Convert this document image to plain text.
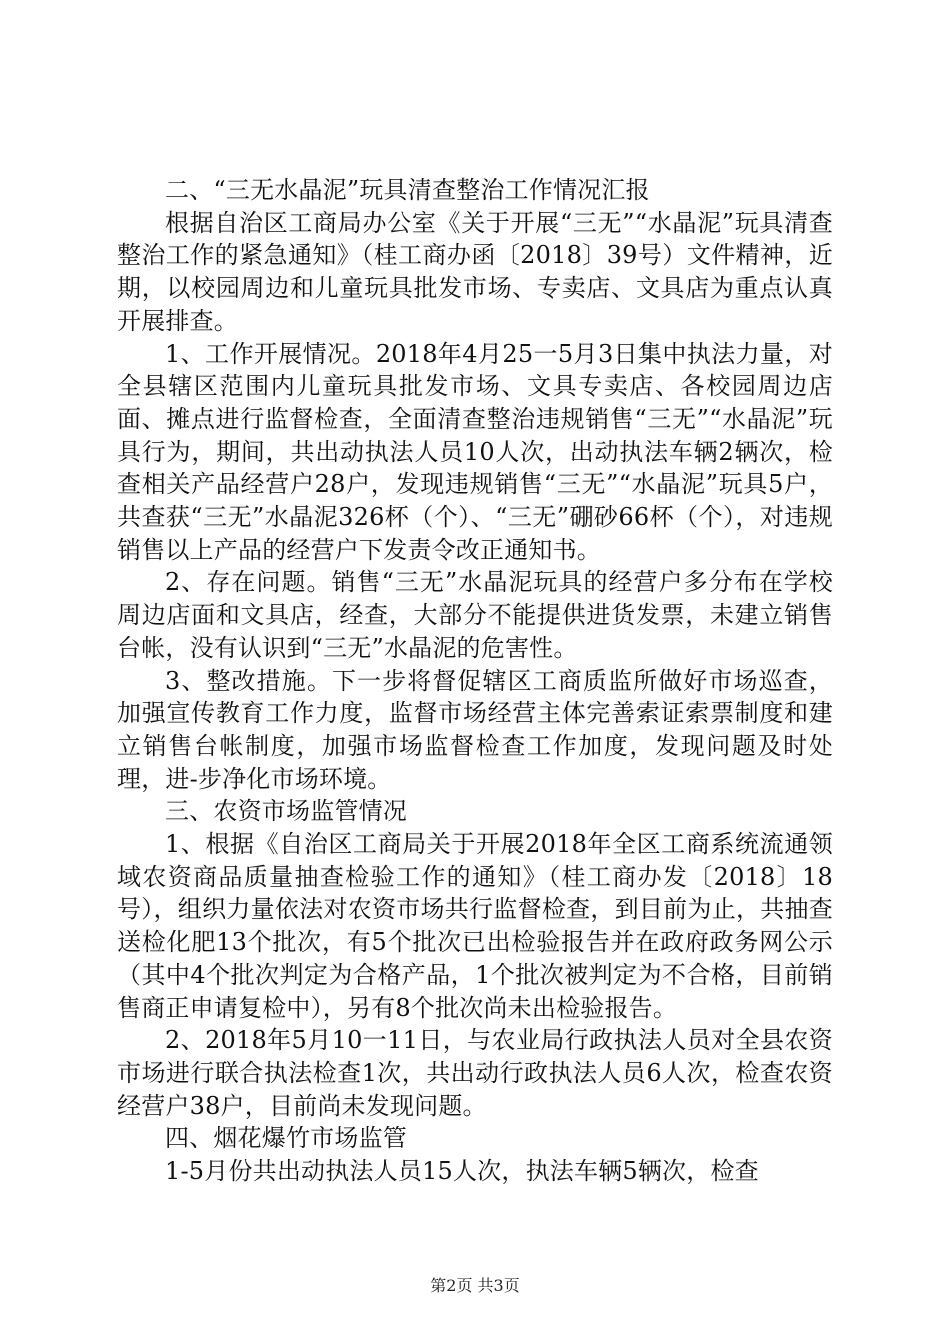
二、“三无水晶泥”玩具清查整治工作情况汇报

根据自治区工商局办公室《关于开展“三无”“水晶泥”玩具清查整治工作的紧急通知》（桂工商办函〔2018〕39号）文件精神，近期，以校园周边和儿童玩具批发市场、专卖店、文具店为重点认真开展排查。

1、工作开展情况。2018年4月25一5月3日集中执法力量，对全县辖区范围内儿童玩具批发市场、文具专卖店、各校园周边店面、摊点进行监督检查，全面清查整治违规销售“三无”“水晶泥”玩具行为，期间，共出动执法人员10人次，出动执法车辆2辆次，检查相关产品经营户28户，发现违规销售“三无”“水晶泥”玩具5户，共查获“三无”水晶泥326杯（个）、“三无”硼砂66杯（个），对违规销售以上产品的经营户下发责令改正通知书。

2、存在问题。销售“三无”水晶泥玩具的经营户多分布在学校周边店面和文具店，经查，大部分不能提供进货发票，未建立销售台帐，没有认识到“三无”水晶泥的危害性。

3、整改措施。下一步将督促辖区工商质监所做好市场巡查，加强宣传教育工作力度，监督市场经营主体完善索证索票制度和建立销售台帐制度，加强市场监督检查工作加度，发现问题及时处理，进-步净化市场环境。

三、农资市场监管情况

1、根据《自治区工商局关于开展2018年全区工商系统流通领域农资商品质量抽查检验工作的通知》（桂工商办发〔2018〕18号），组织力量依法对农资市场共行监督检查，到目前为止，共抽查送检化肥13个批次，有5个批次已出检验报告并在政府政务网公示（其中4个批次判定为合格产品，1个批次被判定为不合格，目前销售商正申请复检中），另有8个批次尚未出检验报告。

2、2018年5月10一11日，与农业局行政执法人员对全县农资市场进行联合执法检查1次，共出动行政执法人员6人次，检查农资经营户38户，目前尚未发现问题。

四、烟花爆竹市场监管

1-5月份共出动执法人员15人次，执法车辆5辆次，检查

第2页 共3页
